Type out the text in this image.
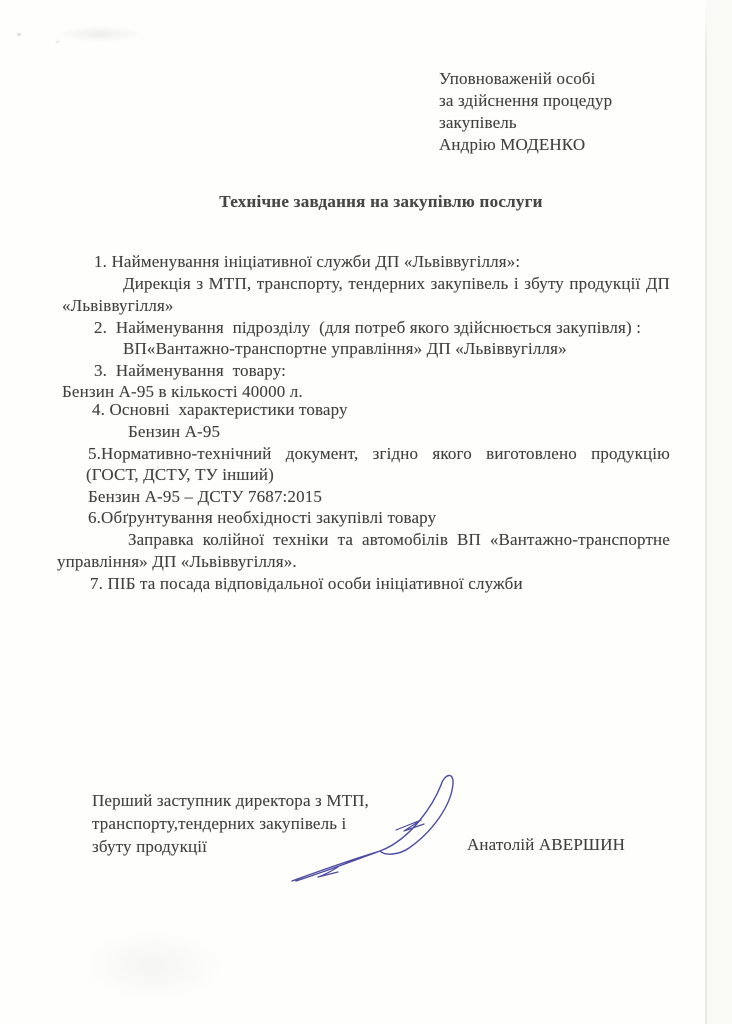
Уповноваженій особі
за здійснення процедур
закупівель
Андрію МОДЕНКО
Технічне завдання на закупівлю послуги
1. Найменування ініціативної служби ДП «Львіввугілля»:
Дирекція з МТП, транспорту, тендерних закупівель і збуту продукції ДП
«Львіввугілля»
2.  Найменування  підрозділу  (для потреб якого здійснюється закупівля) :
ВП«Вантажно-транспортне управління» ДП «Львіввугілля»
3.  Найменування  товару:
Бензин А-95 в кількості 40000 л.
4. Основні  характеристики товару
Бензин А-95
5.Нормативно-технічний документ, згідно якого виготовлено продукцію
(ГОСТ, ДСТУ, ТУ інший)
Бензин А-95 – ДСТУ 7687:2015
6.Обґрунтування необхідності закупівлі товару
Заправка колійної техніки та автомобілів ВП «Вантажно-транспортне
управління» ДП «Львіввугілля».
7. ПІБ та посада відповідальної особи ініціативної служби
Перший заступник директора з МТП,
транспорту,тендерних закупівель і
збуту продукції	Анатолій АВЕРШИН
